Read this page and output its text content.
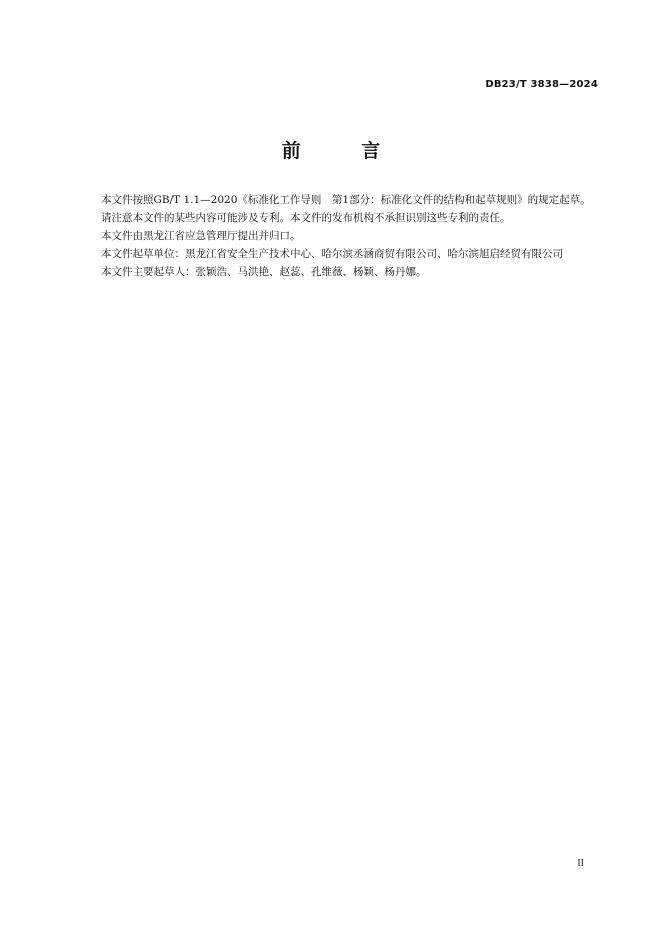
DB23/T 3838—2024
前 言

本文件按照GB/T 1.1—2020《标准化工作导则　第1部分：标准化文件的结构和起草规则》的规定起草。

请注意本文件的某些内容可能涉及专利。本文件的发布机构不承担识别这些专利的责任。

本文件由黑龙江省应急管理厅提出并归口。

本文件起草单位：黑龙江省安全生产技术中心、哈尔滨丞涵商贸有限公司、哈尔滨旭启经贸有限公司

本文件主要起草人：张颖浩、马洪艳、赵蕊、孔维薇、杨颖、杨丹娜。

II
